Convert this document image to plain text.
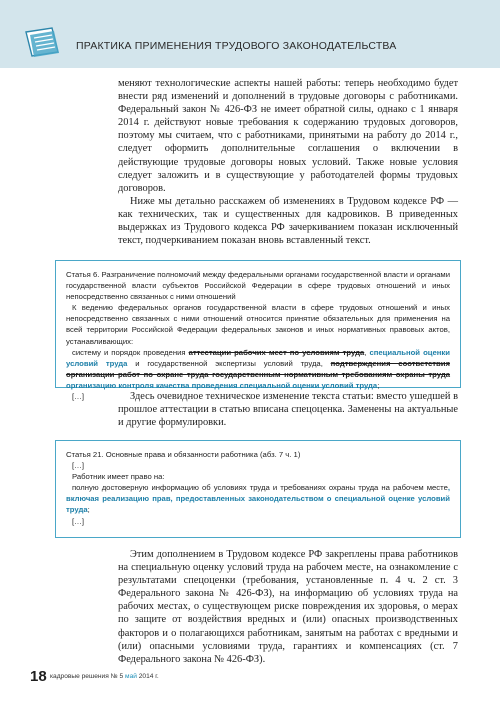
ПРАКТИКА ПРИМЕНЕНИЯ ТРУДОВОГО ЗАКОНОДАТЕЛЬСТВА

меняют технологические аспекты нашей работы: теперь необходимо будет внести ряд изменений и дополнений в трудовые договоры с работниками. Федеральный закон № 426-ФЗ не имеет обратной силы, однако с 1 января 2014 г. действуют новые требования к содержанию трудовых договоров, поэтому мы считаем, что с работниками, принятыми на работу до 2014 г., следует оформить дополнительные соглашения о включении в действующие трудовые договоры новых условий. Также новые условия следует заложить и в существующие у работодателей формы трудовых договоров.

Ниже мы детально расскажем об изменениях в Трудовом кодексе РФ — как технических, так и существенных для кадровиков. В приведенных выдержках из Трудового кодекса РФ зачеркиванием показан исключенный текст, подчеркиванием показан вновь вставленный текст.

Статья 6. Разграничение полномочий между федеральными органами государственной власти и органами государственной власти субъектов Российской Федерации в сфере трудовых отношений и иных непосредственно связанных с ними отношений

К ведению федеральных органов государственной власти в сфере трудовых отношений и иных непосредственно связанных с ними отношений относится принятие обязательных для применения на всей территории Российской Федерации федеральных законов и иных нормативных правовых актов, устанавливающих:

систему и порядок проведения аттестации рабочих мест по условиям труда, специальной оценки условий труда и государственной экспертизы условий труда, подтверждения соответствия организации работ по охране труда государственным нормативным требованиям охраны труда организацию контроля качества проведения специальной оценки условий труда;

[…]	Здесь очевидное техническое изменение текста статьи: вместо ушедшей в прошлое аттестации в статью вписана спецоценка. Заменены на актуальные и другие формулировки.

Статья 21. Основные права и обязанности работника (абз. 7 ч. 1)

[…]

Работник имеет право на:

полную достоверную информацию об условиях труда и требованиях охраны труда на рабочем месте, включая реализацию прав, предоставленных законодательством о специальной оценке условий труда;

[…]

Этим дополнением в Трудовом кодексе РФ закреплены права работников на специальную оценку условий труда на рабочем месте, на ознакомление с результатами спецоценки (требования, установленные п. 4 ч. 2 ст. 3 Федерального закона № 426-ФЗ), на информацию об условиях труда на рабочих местах, о существующем риске повреждения их здоровья, о мерах по защите от воздействия вредных и (или) опасных производственных факторов и о полагающихся работникам, занятым на работах с вредными и (или) опасными условиями труда, гарантиях и компенсациях (ст. 7 Федерального закона № 426-ФЗ).

18 кадровые решения № 5 май 2014 г.
